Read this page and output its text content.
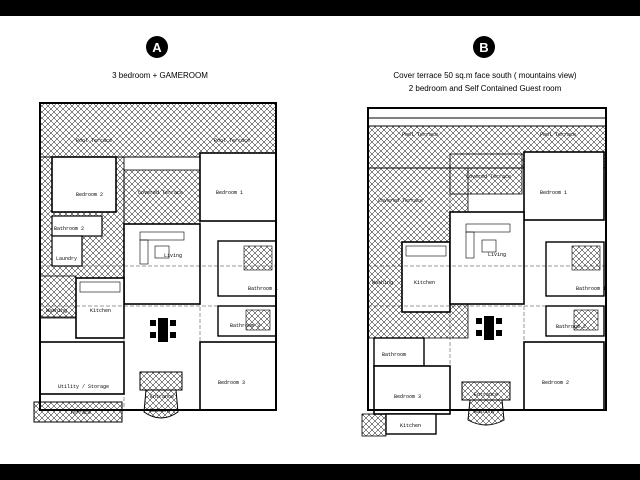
A
3 bedroom + GAMEROOM
B
Cover terrace 50 sq.m face south ( mountains view)
2 bedroom and Self Contained Guest room
Pool Terrace	Pool Terrace
Bedroom 2	Covered Terrace	Bedroom 1
Bathroom 2
Laundry	Living
Bathroom 1
Washing	Kitchen
Bathroom 3
Utility / Storage
Bedroom 3
Entrance
Balcony
Terrace
Pool Terrace	Pool Terrace
Covered Terrace
Bedroom 1
Covered Terrace
Living
Bathroom 1
Washing	Kitchen
Bathroom 2
Bathroom
Bedroom 2
Bedroom 3	Entrance
Balcony
Kitchen
